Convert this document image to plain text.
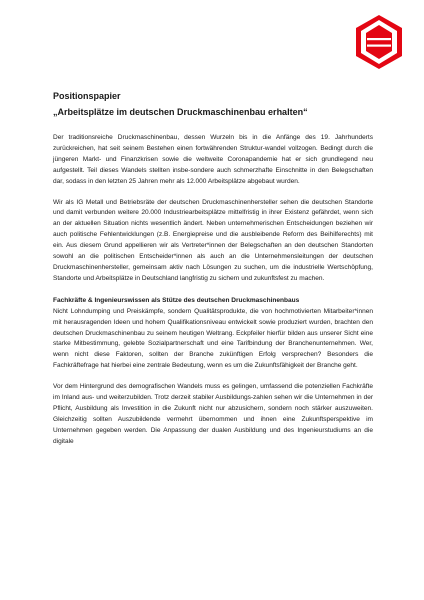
Positionspapier
„Arbeitsplätze im deutschen Druckmaschinenbau erhalten“

Der traditionsreiche Druckmaschinenbau, dessen Wurzeln bis in die Anfänge des 19. Jahrhunderts zurückreichen, hat seit seinem Bestehen einen fortwährenden Struktur-wandel vollzogen. Bedingt durch die jüngeren Markt- und Finanzkrisen sowie die weltweite Coronapandemie hat er sich grundlegend neu aufgestellt. Teil dieses Wandels stellten insbe-sondere auch schmerzhafte Einschnitte in den Belegschaften dar, sodass in den letzten 25 Jahren mehr als 12.000 Arbeitsplätze abgebaut wurden.

Wir als IG Metall und Betriebsräte der deutschen Druckmaschinenhersteller sehen die deutschen Standorte und damit verbunden weitere 20.000 Industriearbeitsplätze mittelfristig in ihrer Existenz gefährdet, wenn sich an der aktuellen Situation nichts wesentlich ändert. Neben unternehmerischen Entscheidungen beziehen wir auch politische Fehlentwicklungen (z.B. Energiepreise und die ausbleibende Reform des Beihilferechts) mit ein. Aus diesem Grund appellieren wir als Vertreter*innen der Belegschaften an den deutschen Standorten sowohl an die politischen Entscheider*innen als auch an die Unternehmensleitungen der deutschen Druckmaschinenhersteller, gemeinsam aktiv nach Lösungen zu suchen, um die industrielle Wertschöpfung, Standorte und Arbeitsplätze in Deutschland langfristig zu sichern und zukunftsfest zu machen.

Fachkräfte & Ingenieurswissen als Stütze des deutschen Druckmaschinenbaus

Nicht Lohndumping und Preiskämpfe, sondern Qualitätsprodukte, die von hochmotivierten Mitarbeiter*innen mit herausragenden Ideen und hohem Qualifikationsniveau entwickelt sowie produziert wurden, brachten den deutschen Druckmaschinenbau zu seinem heutigen Weltrang. Eckpfeiler hierfür bilden aus unserer Sicht eine starke Mitbestimmung, gelebte Sozialpartnerschaft und eine Tarifbindung der Branchenunternehmen. Wer, wenn nicht diese Faktoren, sollten der Branche zukünftigen Erfolg versprechen? Besonders die Fachkräftefrage hat hierbei eine zentrale Bedeutung, wenn es um die Zukunftsfähigkeit der Branche geht.

Vor dem Hintergrund des demografischen Wandels muss es gelingen, umfassend die potenziellen Fachkräfte im Inland aus- und weiterzubilden. Trotz derzeit stabiler Ausbildungs-zahlen sehen wir die Unternehmen in der Pflicht, Ausbildung als Investition in die Zukunft nicht nur abzusichern, sondern noch stärker auszuweiten. Gleichzeitig sollten Auszubildende vermehrt übernommen und ihnen eine Zukunftsperspektive im Unternehmen gegeben werden. Die Anpassung der dualen Ausbildung und des Ingenieurstudiums an die digitale
